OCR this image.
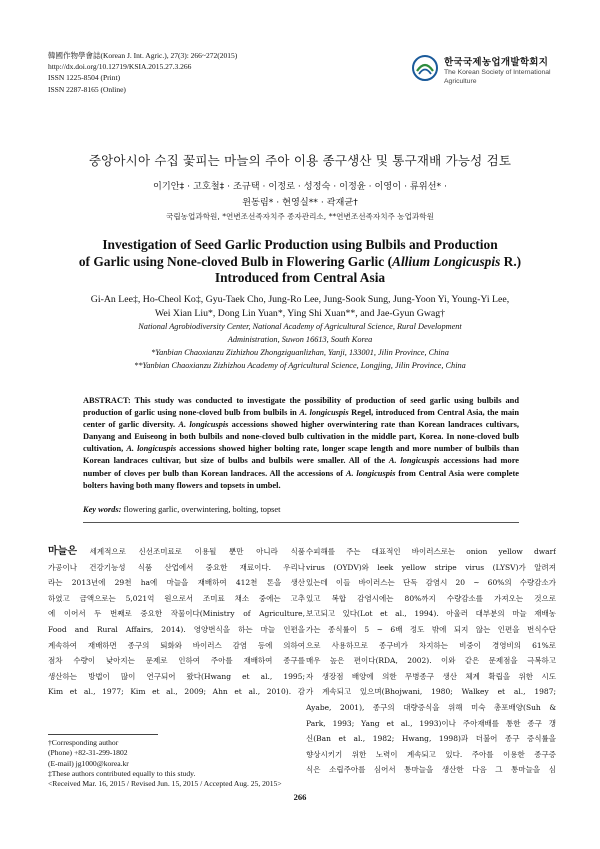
韓國作物學會誌(Korean J. Int. Agric.), 27(3): 266~272(2015)
http://dx.doi.org/10.12719/KSIA.2015.27.3.266
ISSN 1225-8504 (Print)
ISSN 2287-8165 (Online)
한국국제농업개발학회지
The Korean Society of International
Agriculture
중앙아시아 수집 꽃피는 마늘의 주아 이용 종구생산 및 통구재배 가능성 검토
이기안‡ · 고호철‡ · 조규택 · 이정로 · 성정숙 · 이정윤 · 이영이 · 류위선* ·
윈동림* · 현영실** · 곽재균†
국립농업과학원, *연변조선족자치주 종자관리소, **연변조선족자치주 농업과학원
Investigation of Seed Garlic Production using Bulbils and Production
of Garlic using None-cloved Bulb in Flowering Garlic (Allium Longicuspis R.)
Introduced from Central Asia
Gi-An Lee‡, Ho-Cheol Ko‡, Gyu-Taek Cho, Jung-Ro Lee, Jung-Sook Sung, Jung-Yoon Yi, Young-Yi Lee,
Wei Xian Liu*, Dong Lin Yuan*, Ying Shi Xuan**, and Jae-Gyun Gwag†
National Agrobiodiversity Center, National Academy of Agricultural Science, Rural Development
Administration, Suwon 16613, South Korea
*Yanbian Chaoxianzu Zizhizhou Zhongziguanlizhan, Yanji, 133001, Jilin Province, China
**Yanbian Chaoxianzu Zizhizhou Academy of Agricultural Science, Longjing, Jilin Province, China
ABSTRACT: This study was conducted to investigate the possibility of production of seed garlic using bulbils and production of garlic using none-cloved bulb from bulbils in A. longicuspis Regel, introduced from Central Asia, the main center of garlic diversity. A. longicuspis accessions showed higher overwintering rate than Korean landraces cultivars, Danyang and Euiseong in both bulbils and none-cloved bulb cultivation in the middle part, Korea. In none-cloved bulb cultivation, A. longicuspis accessions showed higher bolting rate, longer scape length and more number of bulbils than Korean landraces cultivar, but size of bulbs and bulbils were smaller. All of the A. longicuspis accessions had more number of cloves per bulb than Korean landraces. All the accessions of A. longicuspis from Central Asia were complete bolters having both many flowers and topsets in umbel.
Key words: flowering garlic, overwintering, bolting, topset
마늘은 세계적으로 신선조미료로 이용될 뿐만 아니라 식품
가공이나 건강기능성 식품 산업에서 중요한 재료이다. 우리나
라는 2013년에 29천 ha에 마늘을 재배하여 412천 톤을 생산
하였고 금액으로는 5,021억 원으로서 조미료 채소 중에는 고추
에 이어서 두 번째로 중요한 작물이다(Ministry of Agriculture,
Food and Rural Affairs, 2014). 영양번식을 하는 마늘 인편을
계속하여 재배하면 종구의 퇴화와 바이러스 감염 등에 의하여
점차 수량이 낮아지는 문제로 인하여 주아를 재배하여 종구를
생산하는 방법이 많이 연구되어 왔다(Hwang et al., 1995;
Kim et al., 1977; Kim et al., 2009; Ahn et al., 2010). 감
수피해를 주는 대표적인 바이러스로는 onion yellow dwarf
virus (OYDV)와 leek yellow stripe virus (LYSV)가 알려져
있는데 이들 바이러스는 단독 감염시 20 ~ 60%의 수량감소가
있고 복합 감염시에는 80%까지 수량감소를 가져오는 것으로
보고되고 있다(Lot et al., 1994). 아울러 대부분의 마늘 재배농
가는 종식률이 5 ~ 6배 정도 밖에 되지 않는 인편을 번식수단
으로 사용하므로 종구비가 차지하는 비중이 경영비의 61%로
매우 높은 편이다(RDA, 2002). 이와 같은 문제점을 극복하고
자 생장점 배양에 의한 무병종구 생산 체계 확립을 위한 시도
가 계속되고 있으며(Bhojwani, 1980; Walkey et al., 1987;
Ayabe, 2001), 종구의 대량증식을 위해 미숙 총포배양(Suh &
Park, 1993; Yang et al., 1993)이나 주아재배를 통한 종구 갱
신(Ban et al., 1982; Hwang, 1998)과 더불어 종구 증식률을
향상시키기 위한 노력이 계속되고 있다. 주아를 이용한 종구증
식은 소립주아를 심어서 통마늘을 생산한 다음 그 통마늘을 심
†Corresponding author
(Phone) +82-31-299-1802
(E-mail) jg1000@korea.kr
‡These authors contributed equally to this study.
<Received Mar. 16, 2015 / Revised Jun. 15, 2015 / Accepted Aug. 25, 2015>
266
